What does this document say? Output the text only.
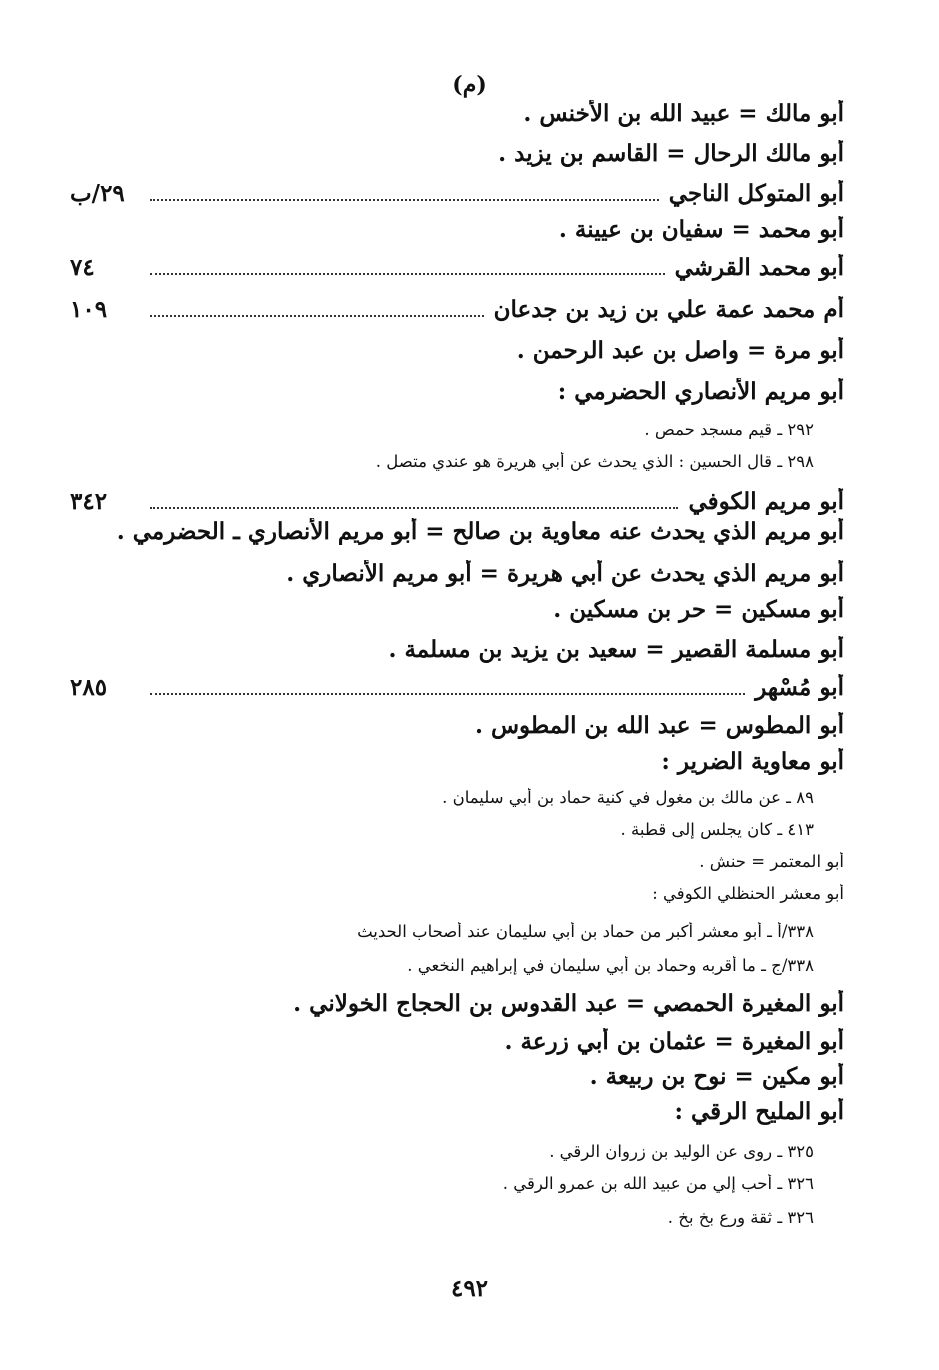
(م)
أبو مالك = عبيد الله بن الأخنس .
أبو مالك الرحال = القاسم بن يزيد .
أبو المتوكل الناجي
٢٩/ب
أبو محمد = سفيان بن عيينة .
أبو محمد القرشي
٧٤
أم محمد عمة علي بن زيد بن جدعان
١٠٩
أبو مرة = واصل بن عبد الرحمن .
أبو مريم الأنصاري الحضرمي :
٢٩٢ ـ قيم مسجد حمص .
٢٩٨ ـ قال الحسين : الذي يحدث عن أبي هريرة هو عندي متصل .
أبو مريم الكوفي
٣٤٢
أبو مريم الذي يحدث عنه معاوية بن صالح = أبو مريم الأنصاري ـ الحضرمي .
أبو مريم الذي يحدث عن أبي هريرة = أبو مريم الأنصاري .
أبو مسكين = حر بن مسكين .
أبو مسلمة القصير = سعيد بن يزيد بن مسلمة .
أبو مُسْهر
٢٨٥
أبو المطوس = عبد الله بن المطوس .
أبو معاوية الضرير :
٨٩ ـ عن مالك بن مغول في كنية حماد بن أبي سليمان .
٤١٣ ـ كان يجلس إلى قطبة .
أبو المعتمر = حنش .
أبو معشر الحنظلي الكوفي :
٣٣٨/أ ـ أبو معشر أكبر من حماد بن أبي سليمان عند أصحاب الحديث
٣٣٨/ج ـ ما أقربه وحماد بن أبي سليمان في إبراهيم النخعي .
أبو المغيرة الحمصي = عبد القدوس بن الحجاج الخولاني .
أبو المغيرة = عثمان بن أبي زرعة .
أبو مكين = نوح بن ربيعة .
أبو المليح الرقي :
٣٢٥ ـ روى عن الوليد بن زروان الرقي .
٣٢٦ ـ أحب إلي من عبيد الله بن عمرو الرقي .
٣٢٦ ـ ثقة ورع بخ بخ .
٤٩٢
